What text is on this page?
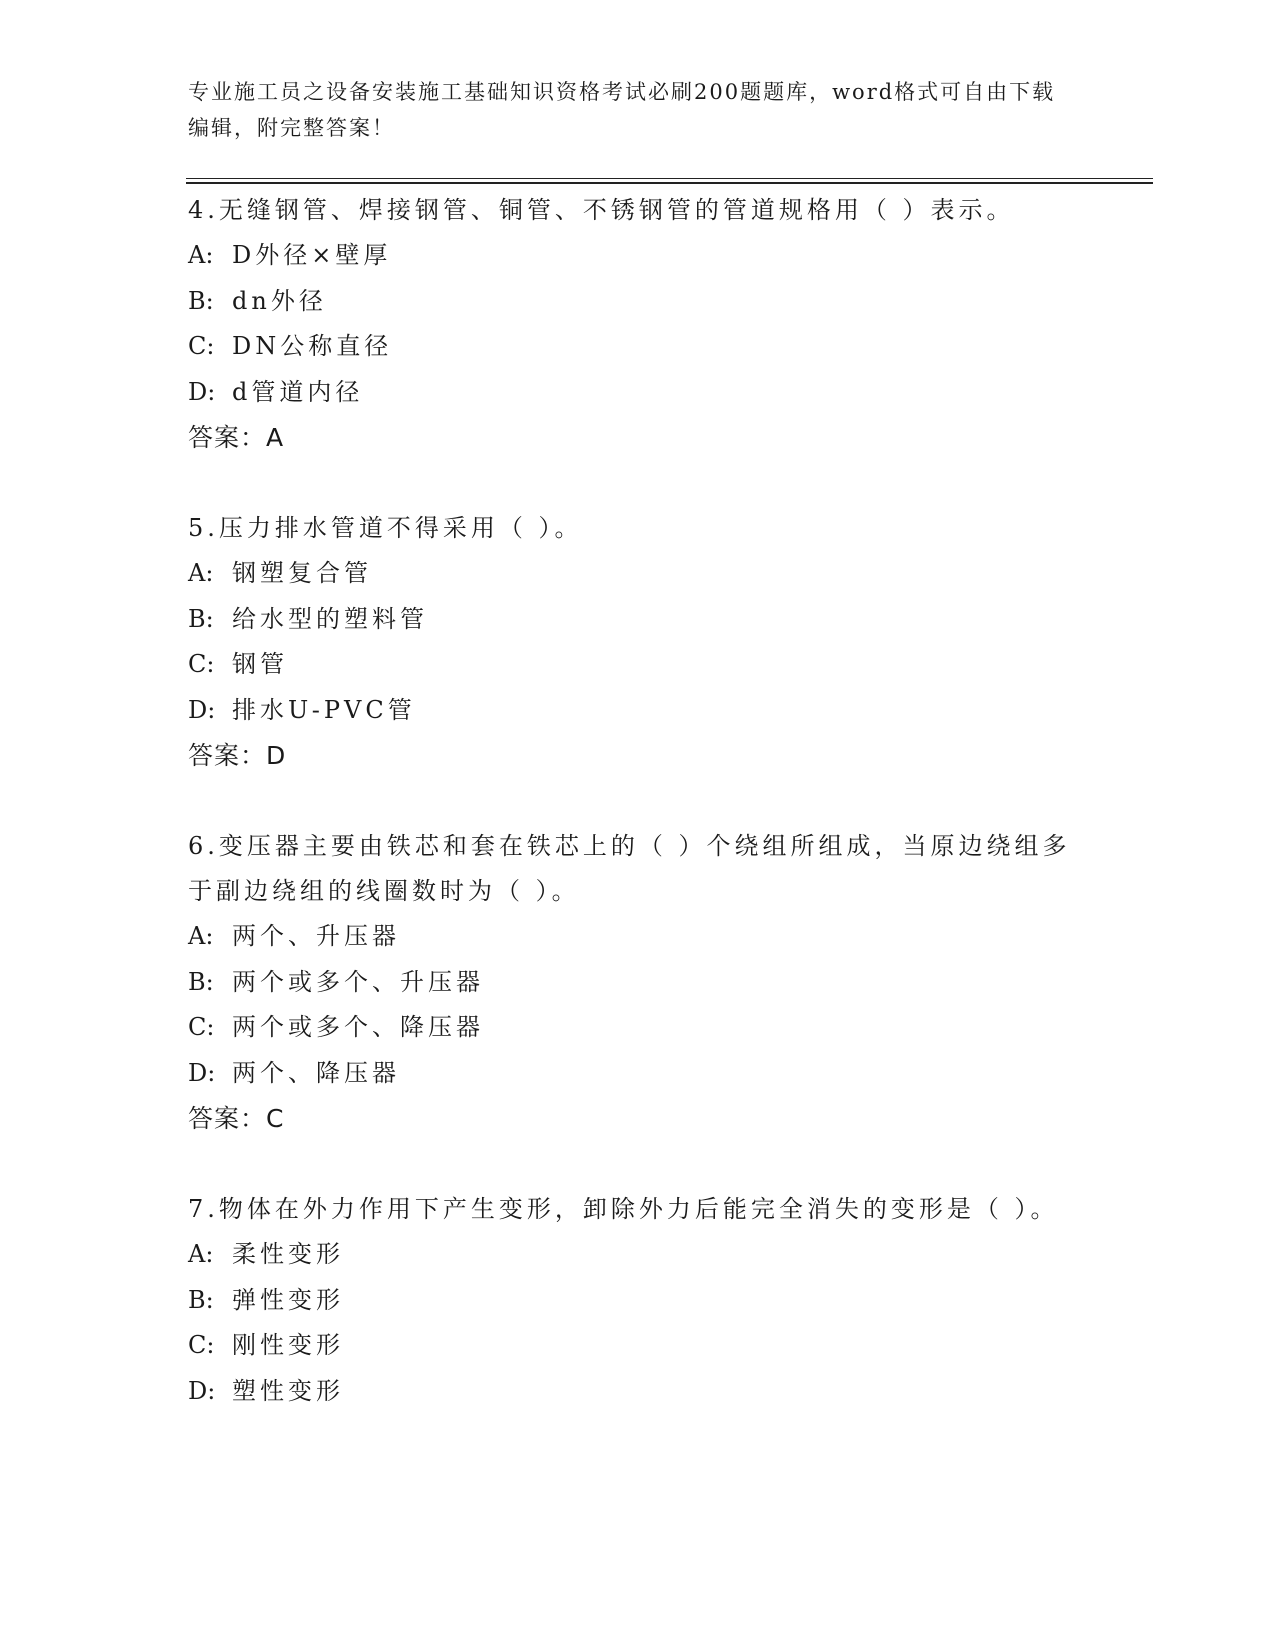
专业施工员之设备安装施工基础知识资格考试必刷200题题库，word格式可自由下载编辑，附完整答案！
4.无缝钢管、焊接钢管、铜管、不锈钢管的管道规格用（ ）表示。
A: D外径×壁厚
B: dn外径
C: DN公称直径
D: d管道内径
答案：A
5.压力排水管道不得采用（ ）。
A: 钢塑复合管
B: 给水型的塑料管
C: 钢管
D: 排水U-PVC管
答案：D
6.变压器主要由铁芯和套在铁芯上的（ ）个绕组所组成，当原边绕组多于副边绕组的线圈数时为（ ）。
A: 两个、升压器
B: 两个或多个、升压器
C: 两个或多个、降压器
D: 两个、降压器
答案：C
7.物体在外力作用下产生变形，卸除外力后能完全消失的变形是（ ）。
A: 柔性变形
B: 弹性变形
C: 刚性变形
D: 塑性变形
